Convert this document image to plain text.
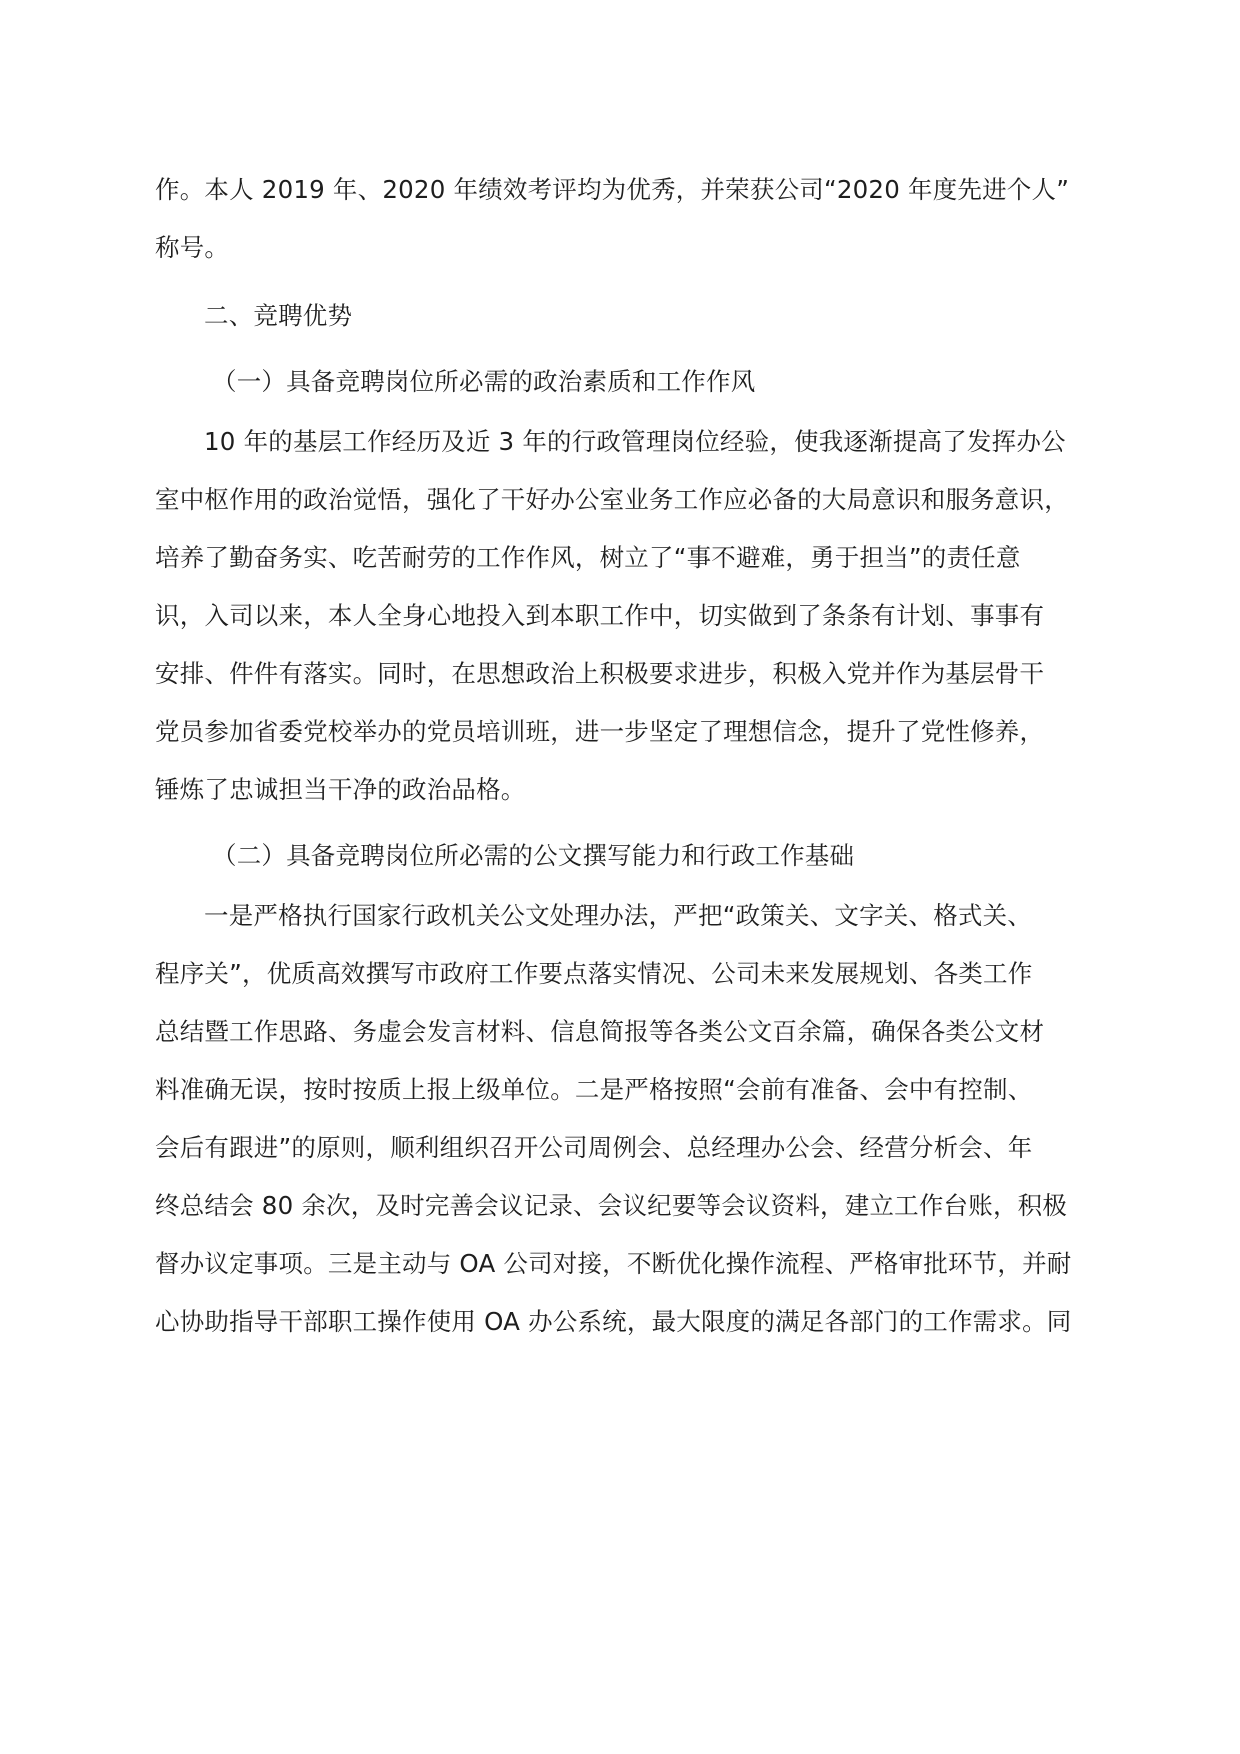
作。本人 2019 年、2020 年绩效考评均为优秀，并荣获公司“2020 年度先进个人”
称号。
二、竞聘优势
（一）具备竞聘岗位所必需的政治素质和工作作风
10 年的基层工作经历及近 3 年的行政管理岗位经验，使我逐渐提高了发挥办公
室中枢作用的政治觉悟，强化了干好办公室业务工作应必备的大局意识和服务意识，
培养了勤奋务实、吃苦耐劳的工作作风，树立了“事不避难，勇于担当”的责任意
识，入司以来，本人全身心地投入到本职工作中，切实做到了条条有计划、事事有
安排、件件有落实。同时，在思想政治上积极要求进步，积极入党并作为基层骨干
党员参加省委党校举办的党员培训班，进一步坚定了理想信念，提升了党性修养，
锤炼了忠诚担当干净的政治品格。
（二）具备竞聘岗位所必需的公文撰写能力和行政工作基础
一是严格执行国家行政机关公文处理办法，严把“政策关、文字关、格式关、
程序关”，优质高效撰写市政府工作要点落实情况、公司未来发展规划、各类工作
总结暨工作思路、务虚会发言材料、信息简报等各类公文百余篇，确保各类公文材
料准确无误，按时按质上报上级单位。二是严格按照“会前有准备、会中有控制、
会后有跟进”的原则，顺利组织召开公司周例会、总经理办公会、经营分析会、年
终总结会 80 余次，及时完善会议记录、会议纪要等会议资料，建立工作台账，积极
督办议定事项。三是主动与 OA 公司对接，不断优化操作流程、严格审批环节，并耐
心协助指导干部职工操作使用 OA 办公系统，最大限度的满足各部门的工作需求。同
